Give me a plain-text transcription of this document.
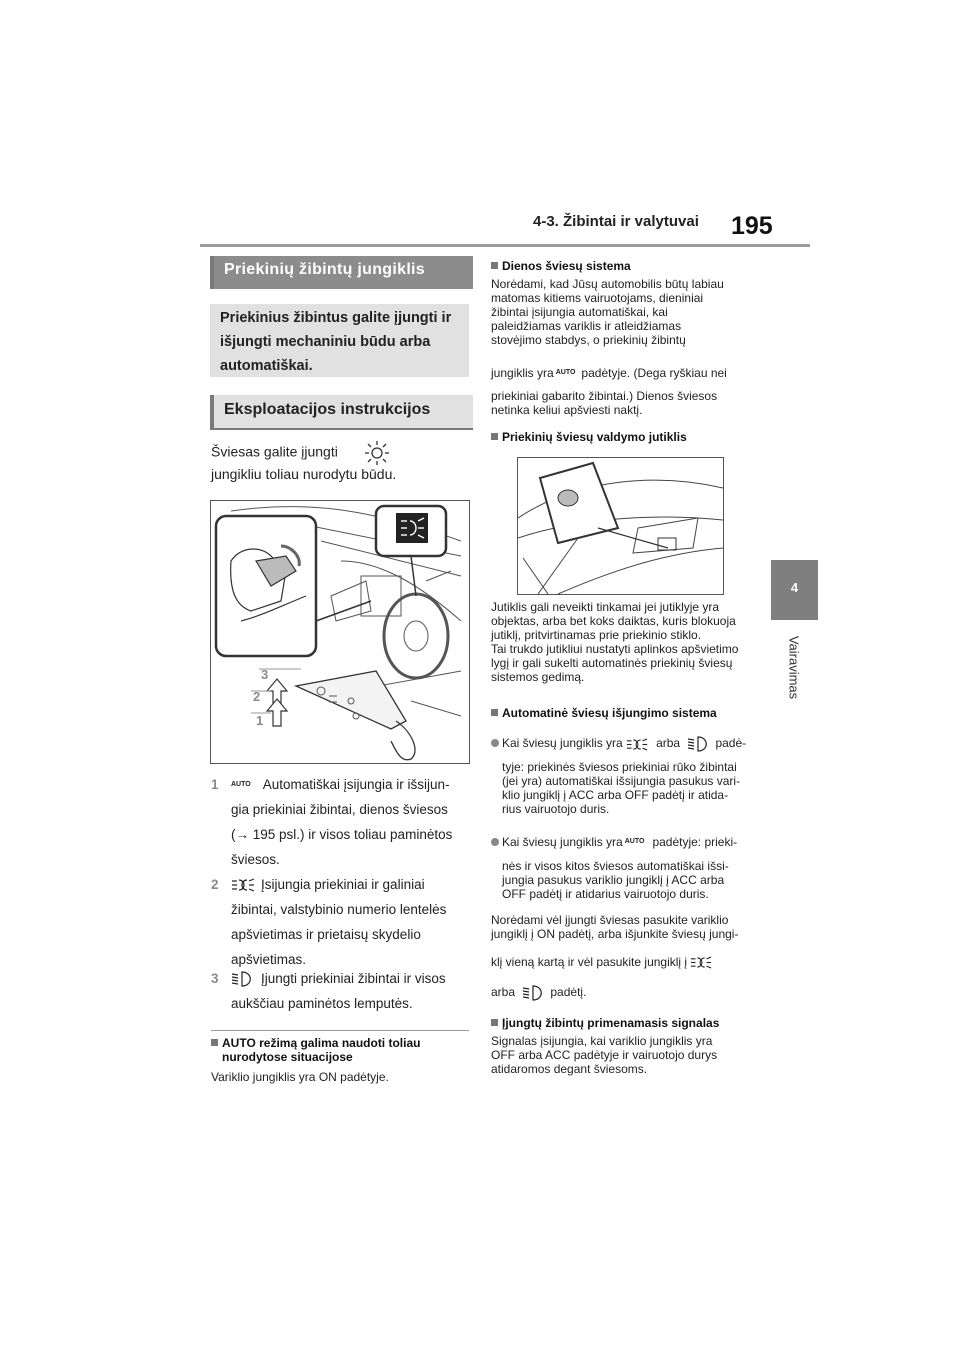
4-3. Žibintai ir valytuvai 195
4
Vairavimas
Priekinių žibintų jungiklis
Priekinius žibintus galite įjungti ir išjungti mechaniniu būdu arba automatiškai.
Eksploatacijos instrukcijos
Šviesas galite įjungti
jungikliu toliau nurodytu būdu.
3
2
1
1 $^{AUTO}$ Automatiškai įsijungia ir išsijun-
gia priekiniai žibintai, dienos šviesos
(→ 195 psl.) ir visos toliau paminėtos
šviesos.
2	Įsijungia priekiniai ir galiniai
žibintai, valstybinio numerio lentelės
apšvietimas ir prietaisų skydelio
apšvietimas.
3	Įjungti priekiniai žibintai ir visos
aukščiau paminėtos lemputės.
AUTO režimą galima naudoti toliau
nurodytose situacijose
Variklio jungiklis yra ON padėtyje.
Dienos šviesų sistema
Norėdami, kad Jūsų automobilis būtų labiau
matomas kitiems vairuotojams, dieniniai
žibintai įsijungia automatiškai, kai
paleidžiamas variklis ir atleidžiamas
stovėjimo stabdys, o priekinių žibintų
jungiklis yra $^{AUTO}$ padėtyje. (Dega ryškiau nei
priekiniai gabarito žibintai.) Dienos šviesos
netinka keliui apšviesti naktį.
Priekinių šviesų valdymo jutiklis
Jutiklis gali neveikti tinkamai jei jutiklyje yra
objektas, arba bet koks daiktas, kuris blokuoja
jutiklį, pritvirtinamas prie priekinio stiklo.
Tai trukdo jutikliui nustatyti aplinkos apšvietimo
lygį ir gali sukelti automatinės priekinių šviesų
sistemos gedimą.
Automatinė šviesų išjungimo sistema
Kai šviesų jungiklis yra	arba	padė-
tyje: priekinės šviesos priekiniai rūko žibintai
(jei yra) automatiškai išsijungia pasukus vari-
klio jungiklį į ACC arba OFF padėtį ir atida-
rius vairuotojo duris.
Kai šviesų jungiklis yra $^{AUTO}$ padėtyje: prieki-
nės ir visos kitos šviesos automatiškai išsi-
jungia pasukus variklio jungiklį į ACC arba
OFF padėtį ir atidarius vairuotojo duris.
Norėdami vėl įjungti šviesas pasukite variklio
jungiklį į ON padėtį, arba išjunkite šviesų jungi-
klį vieną kartą ir vėl pasukite jungiklį į
arba	padėtį.
Įjungtų žibintų primenamasis signalas
Signalas įsijungia, kai variklio jungiklis yra
OFF arba ACC padėtyje ir vairuotojo durys
atidaromos degant šviesoms.
